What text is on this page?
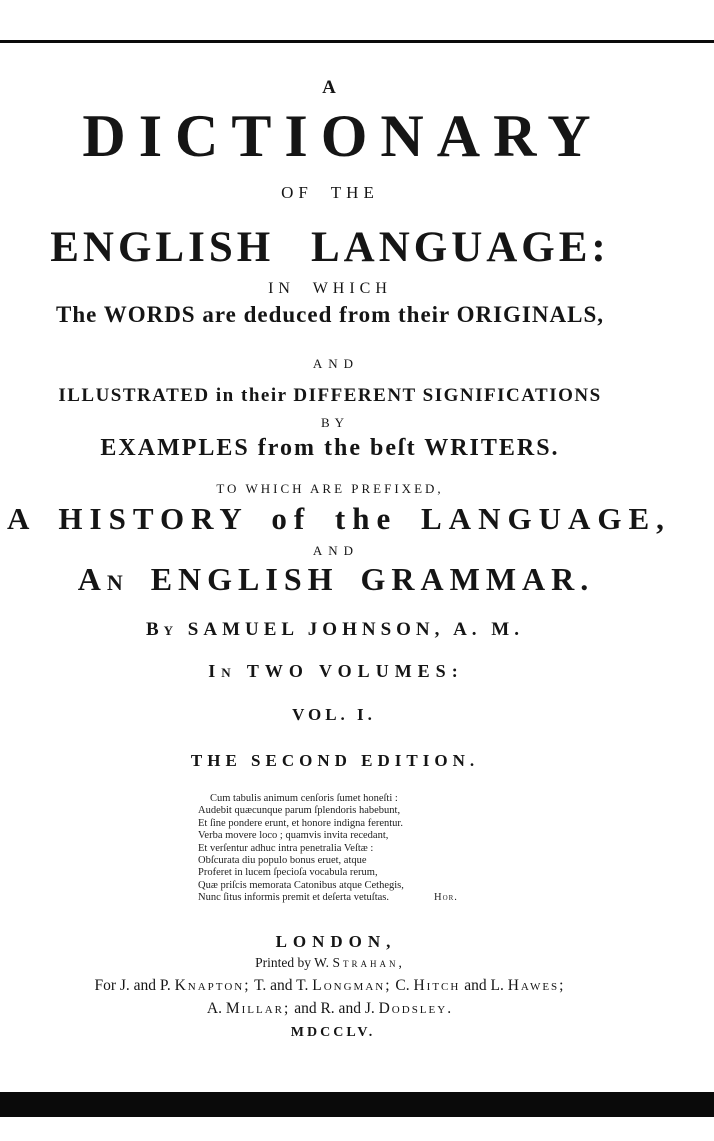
A
DICTIONARY
OF THE
ENGLISH LANGUAGE:
IN WHICH
The WORDS are deduced from their ORIGINALS,
AND
ILLUSTRATED in their DIFFERENT SIGNIFICATIONS
BY
EXAMPLES from the beſt WRITERS.
TO WHICH ARE PREFIXED,
A HISTORY of the LANGUAGE,
AND
An ENGLISH GRAMMAR.
By SAMUEL JOHNSON, A. M.
In TWO VOLUMES:
VOL. I.
THE SECOND EDITION.
Cum tabulis animum cenſoris ſumet honeſti :
Audebit quæcunque parum ſplendoris habebunt,
Et ſine pondere erunt, et honore indigna ferentur.
Verba movere loco ; quamvis invita recedant,
Et verſentur adhuc intra penetralia Veſtæ :
Obſcurata diu populo bonus eruet, atque
Proferet in lucem ſpecioſa vocabula rerum,
Quæ priſcis memorata Catonibus atque Cethegis,
Nunc ſitus informis premit et deſerta vetuſtas.	Hor.
LONDON,
Printed by W. Strahan,
For J. and P. Knapton; T. and T. Longman; C. Hitch and L. Hawes;
A. Millar; and R. and J. Dodsley.
MDCCLV.
